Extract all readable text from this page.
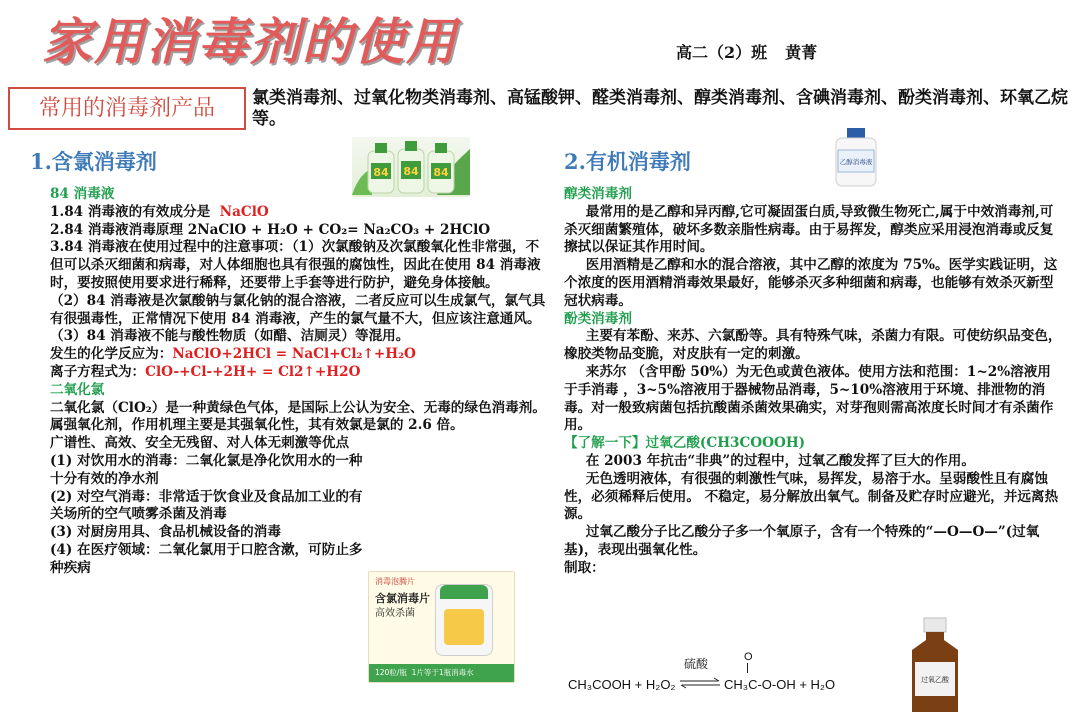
家用消毒剂的使用	高二（2）班 黄菁
常用的消毒剂产品	氯类消毒剂、过氧化物类消毒剂、高锰酸钾、醛类消毒剂、醇类消毒剂、含碘消毒剂、酚类消毒剂、环氧乙烷等。
1.含氯消毒剂	84 84 84

84 消毒液

1.84 消毒液的有效成分是 NaClO

2.84 消毒液消毒原理 2NaClO + H₂O + CO₂= Na₂CO₃ + 2HClO

3.84 消毒液在使用过程中的注意事项：（1）次氯酸钠及次氯酸氧化性非常强，不但可以杀灭细菌和病毒，对人体细胞也具有很强的腐蚀性，因此在使用 84 消毒液时，要按照使用要求进行稀释，还要带上手套等进行防护，避免身体接触。

（2）84 消毒液是次氯酸钠与氯化钠的混合溶液，二者反应可以生成氯气，氯气具有很强毒性，正常情况下使用 84 消毒液，产生的氯气量不大，但应该注意通风。

（3）84 消毒液不能与酸性物质（如醋、洁厕灵）等混用。

发生的化学反应为：NaClO+2HCl = NaCl+Cl₂↑+H₂O

离子方程式为：ClO-+Cl-+2H+ = Cl2↑+H2O

二氧化氯

二氧化氯（ClO₂）是一种黄绿色气体，是国际上公认为安全、无毒的绿色消毒剂。

属强氧化剂，作用机理主要是其强氧化性，其有效氯是氯的 2.6 倍。

广谱性、高效、安全无残留、对人体无刺激等优点

(1) 对饮用水的消毒：二氧化氯是净化饮用水的一种十分有效的净水剂

(2) 对空气消毒：非常适于饮食业及食品加工业的有关场所的空气喷雾杀菌及消毒

(3) 对厨房用具、食品机械设备的消毒

(4) 在医疗领域：二氧化氯用于口腔含漱，可防止多种疾病

消毒泡腾片
含氯消毒片
高效杀菌
120粒/瓶 1片等于1瓶消毒水
2.有机消毒剂	乙醇消毒液

醇类消毒剂

最常用的是乙醇和异丙醇,它可凝固蛋白质,导致微生物死亡,属于中效消毒剂,可杀灭细菌繁殖体，破坏多数亲脂性病毒。由于易挥发，醇类应采用浸泡消毒或反复擦拭以保证其作用时间。

医用酒精是乙醇和水的混合溶液，其中乙醇的浓度为 75%。医学实践证明，这个浓度的医用酒精消毒效果最好，能够杀灭多种细菌和病毒，也能够有效杀灭新型冠状病毒。

酚类消毒剂

主要有苯酚、来苏、六氯酚等。具有特殊气味，杀菌力有限。可使纺织品变色，橡胶类物品变脆，对皮肤有一定的刺激。

来苏尔 （含甲酚 50%）为无色或黄色液体。使用方法和范围：1~2%溶液用于手消毒 ，3~5%溶液用于器械物品消毒，5~10%溶液用于环境、排泄物的消毒。对一般致病菌包括抗酸菌杀菌效果确实，对芽孢则需高浓度长时间才有杀菌作用。

【了解一下】过氧乙酸(CH3COOOH)

在 2003 年抗击“非典”的过程中，过氧乙酸发挥了巨大的作用。

无色透明液体，有很强的刺激性气味，易挥发，易溶于水。呈弱酸性且有腐蚀性，必须稀释后使用。 不稳定，易分解放出氧气。制备及贮存时应避光，并远离热源。

过氧乙酸分子比乙酸分子多一个氧原子，含有一个特殊的“—O—O—”(过氧基)，表现出强氧化性。

制取：

硫酸	O
CH₃COOH + H₂O₂ ⇌ CH₃C-O-OH + H₂O	过氧乙酸
